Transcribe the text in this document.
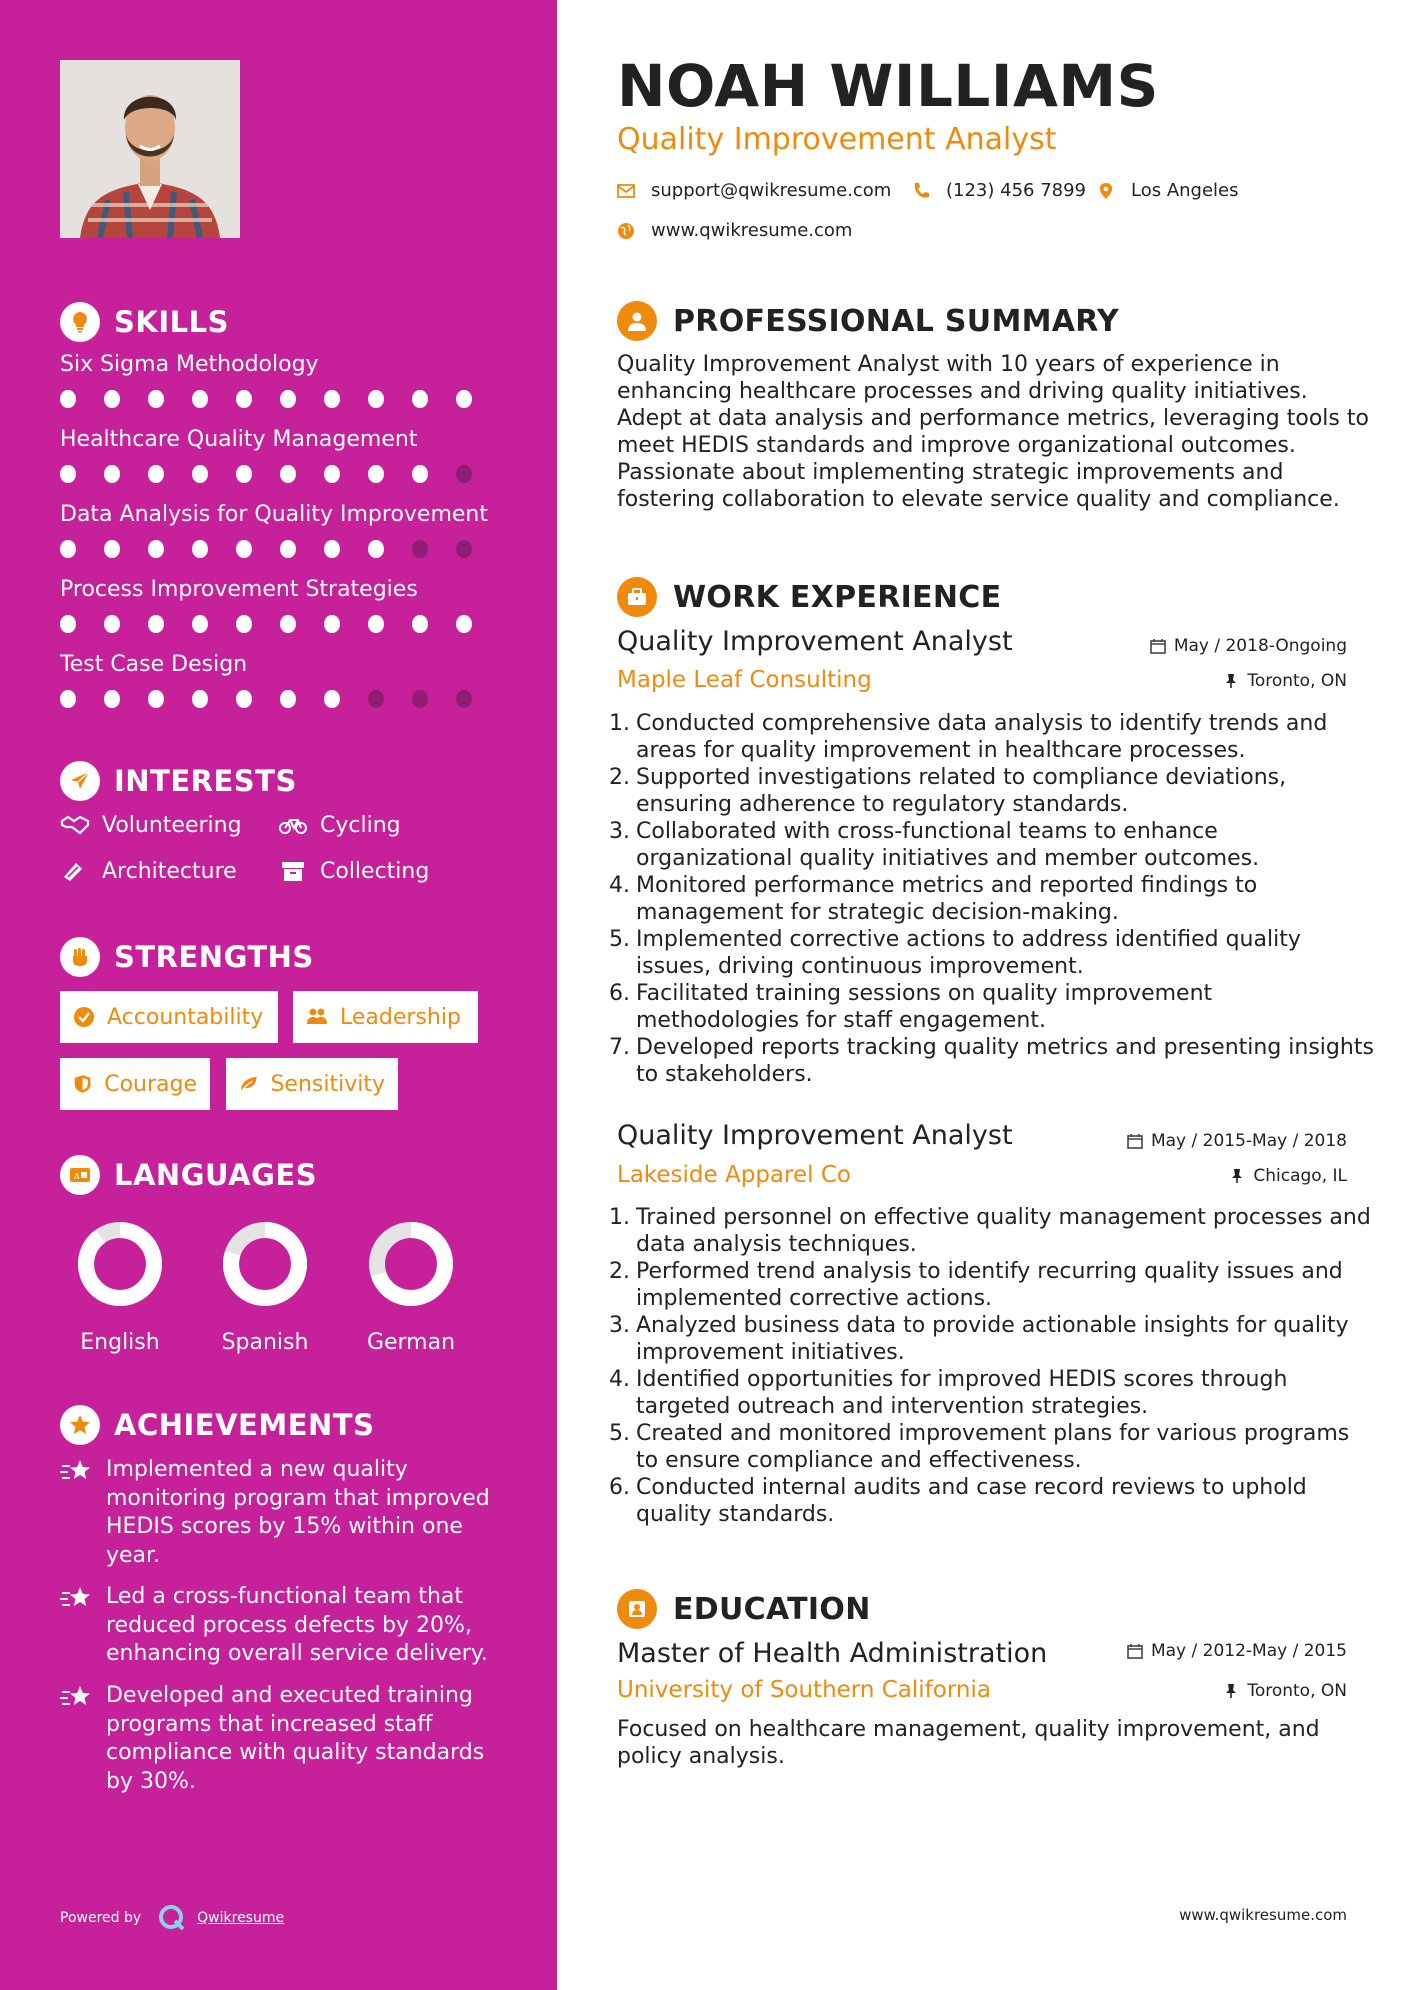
SKILLS
Six Sigma Methodology
Healthcare Quality Management
Data Analysis for Quality Improvement
Process Improvement Strategies
Test Case Design
INTERESTS
Volunteering	Cycling
Architecture	Collecting
STRENGTHS
Accountability	Leadership
Courage	Sensitivity
A LANGUAGES
English	Spanish	German
ACHIEVEMENTS
Implemented a new quality monitoring program that improved HEDIS scores by 15% within one year.
Led a cross-functional team that reduced process defects by 20%, enhancing overall service delivery.
Developed and executed training programs that increased staff compliance with quality standards by 30%.
Powered by	Qwikresume
NOAH WILLIAMS
Quality Improvement Analyst
support@qwikresume.com	(123) 456 7899 Los Angeles
www.qwikresume.com
PROFESSIONAL SUMMARY
Quality Improvement Analyst with 10 years of experience in enhancing healthcare processes and driving quality initiatives. Adept at data analysis and performance metrics, leveraging tools to meet HEDIS standards and improve organizational outcomes. Passionate about implementing strategic improvements and fostering collaboration to elevate service quality and compliance.
WORK EXPERIENCE
Quality Improvement Analyst	May / 2018-Ongoing
Maple Leaf Consulting	Toronto, ON
1. Conducted comprehensive data analysis to identify trends and areas for quality improvement in healthcare processes.
2. Supported investigations related to compliance deviations, ensuring adherence to regulatory standards.
3. Collaborated with cross-functional teams to enhance organizational quality initiatives and member outcomes.
4. Monitored performance metrics and reported findings to management for strategic decision-making.
5. Implemented corrective actions to address identified quality issues, driving continuous improvement.
6. Facilitated training sessions on quality improvement methodologies for staff engagement.
7. Developed reports tracking quality metrics and presenting insights to stakeholders.
Quality Improvement Analyst	May / 2015-May / 2018
Lakeside Apparel Co	Chicago, IL
1. Trained personnel on effective quality management processes and data analysis techniques.
2. Performed trend analysis to identify recurring quality issues and implemented corrective actions.
3. Analyzed business data to provide actionable insights for quality improvement initiatives.
4. Identified opportunities for improved HEDIS scores through targeted outreach and intervention strategies.
5. Created and monitored improvement plans for various programs to ensure compliance and effectiveness.
6. Conducted internal audits and case record reviews to uphold quality standards.
EDUCATION
Master of Health Administration	May / 2012-May / 2015
University of Southern California	Toronto, ON
Focused on healthcare management, quality improvement, and policy analysis.
www.qwikresume.com
